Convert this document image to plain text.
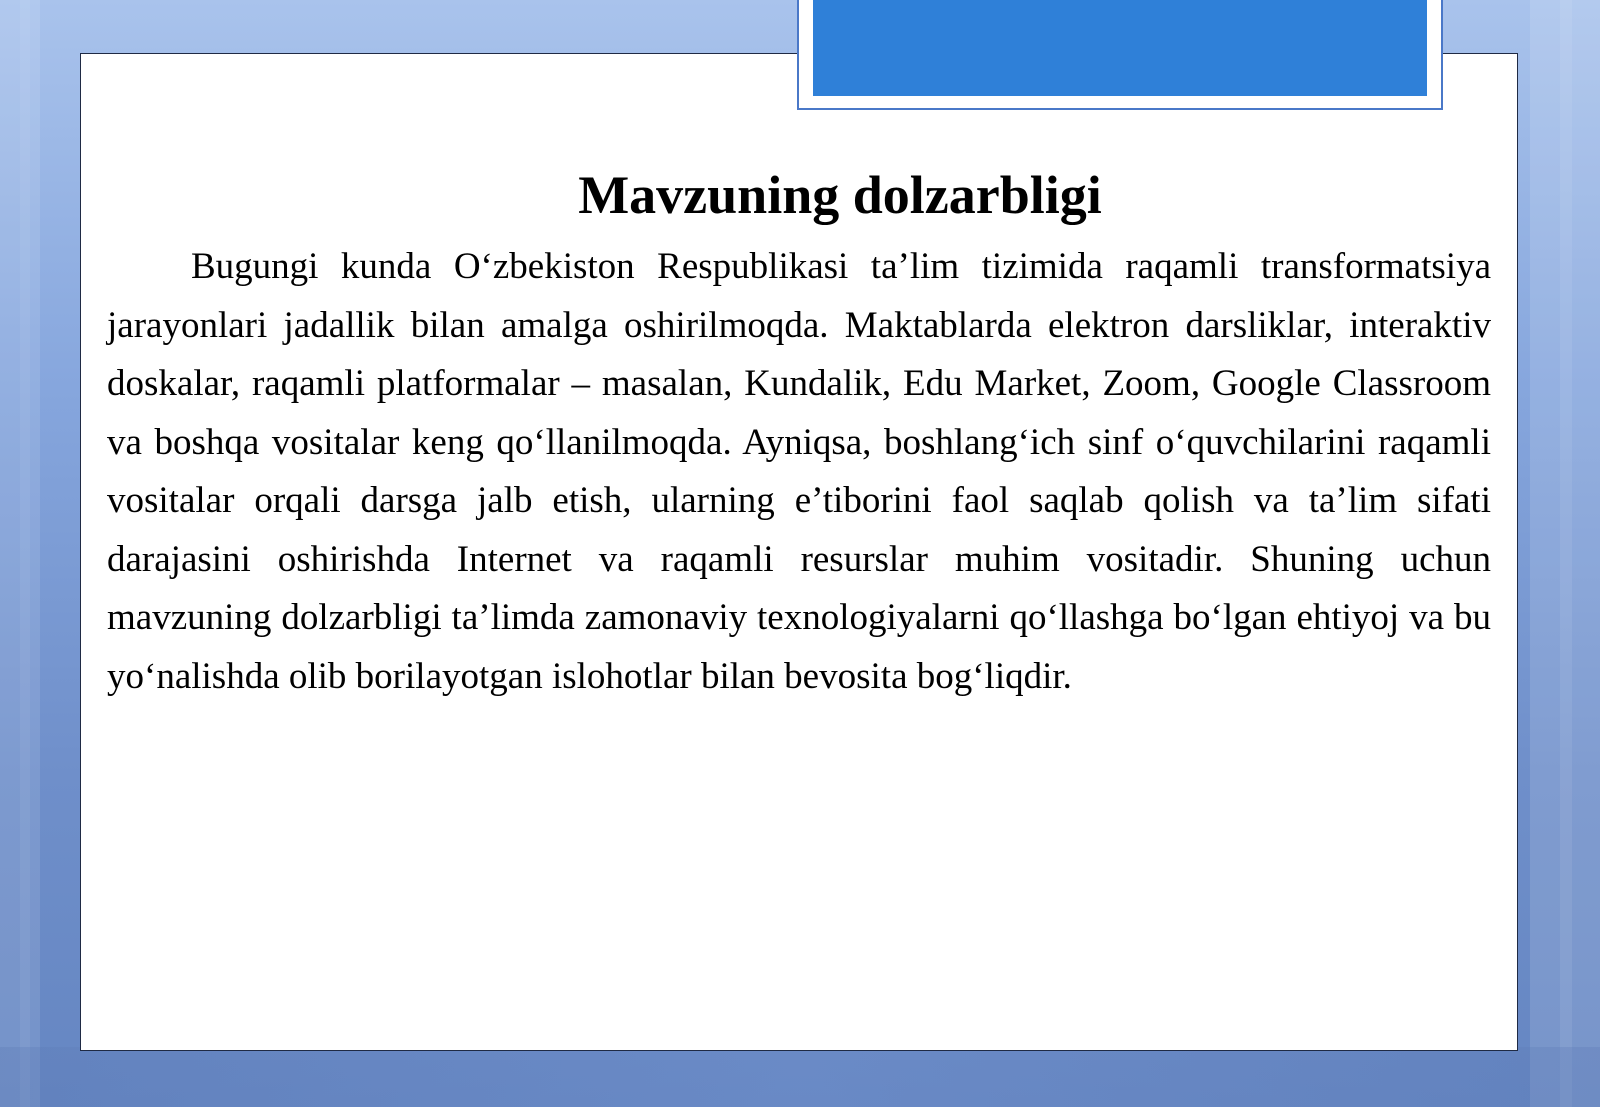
Mavzuning dolzarbligi

Bugungi kunda O‘zbekiston Respublikasi ta’lim tizimida raqamli transformatsiya jarayonlari jadallik bilan amalga oshirilmoqda. Maktablarda elektron darsliklar, interaktiv doskalar, raqamli platformalar – masalan, Kundalik, Edu Market, Zoom, Google Classroom va boshqa vositalar keng qo‘llanilmoqda. Ayniqsa, boshlang‘ich sinf o‘quvchilarini raqamli vositalar orqali darsga jalb etish, ularning e’tiborini faol saqlab qolish va ta’lim sifati darajasini oshirishda Internet va raqamli resurslar muhim vositadir. Shuning uchun mavzuning dolzarbligi ta’limda zamonaviy texnologiyalarni qo‘llashga bo‘lgan ehtiyoj va bu yo‘nalishda olib borilayotgan islohotlar bilan bevosita bog‘liqdir.
